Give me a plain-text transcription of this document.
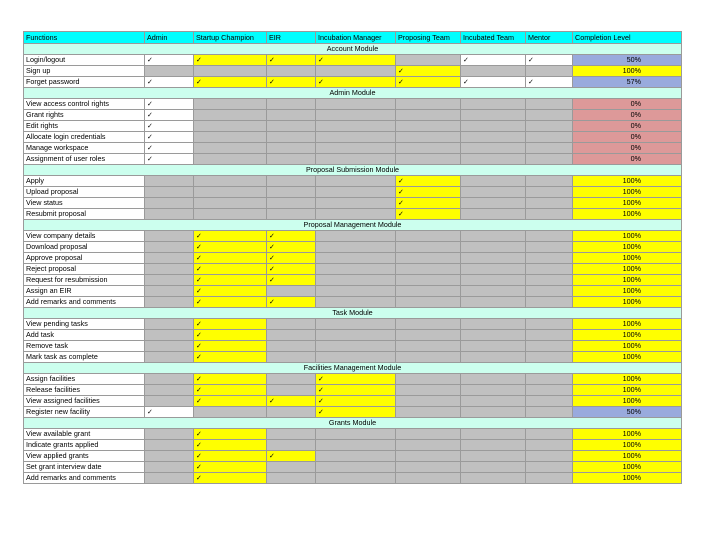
Functions	Admin	Startup Champion	EIR	Incubation Manager	Proposing Team	Incubated Team	Mentor	Completion Level
Account Module								
Login/logout	✓	✓	✓	✓		✓	✓	50%
Sign up					✓			100%
Forget password	✓	✓	✓	✓	✓	✓	✓	57%
Admin Module								
View access control rights	✓							0%
Grant rights	✓							0%
Edit rights	✓							0%
Allocate login credentials	✓							0%
Manage workspace	✓							0%
Assignment of user roles	✓							0%
Proposal Submission Module								
Apply					✓			100%
Upload proposal					✓			100%
View status					✓			100%
Resubmit proposal					✓			100%
Proposal Management Module								
View company details		✓	✓					100%
Download proposal		✓	✓					100%
Approve proposal		✓	✓					100%
Reject proposal		✓	✓					100%
Request for resubmission		✓	✓					100%
Assign an EIR		✓						100%
Add remarks and comments		✓	✓					100%
Task Module								
View pending tasks		✓						100%
Add task		✓						100%
Remove task		✓						100%
Mark task as complete		✓						100%
Facilities Management Module								
Assign facilities		✓		✓				100%
Release facilities		✓		✓				100%
View assigned facilities		✓	✓	✓				100%
Register new facility	✓			✓				50%
Grants Module								
View available grant		✓						100%
Indicate grants applied		✓						100%
View applied grants		✓	✓					100%
Set grant interview date		✓						100%
Add remarks and comments		✓						100%
